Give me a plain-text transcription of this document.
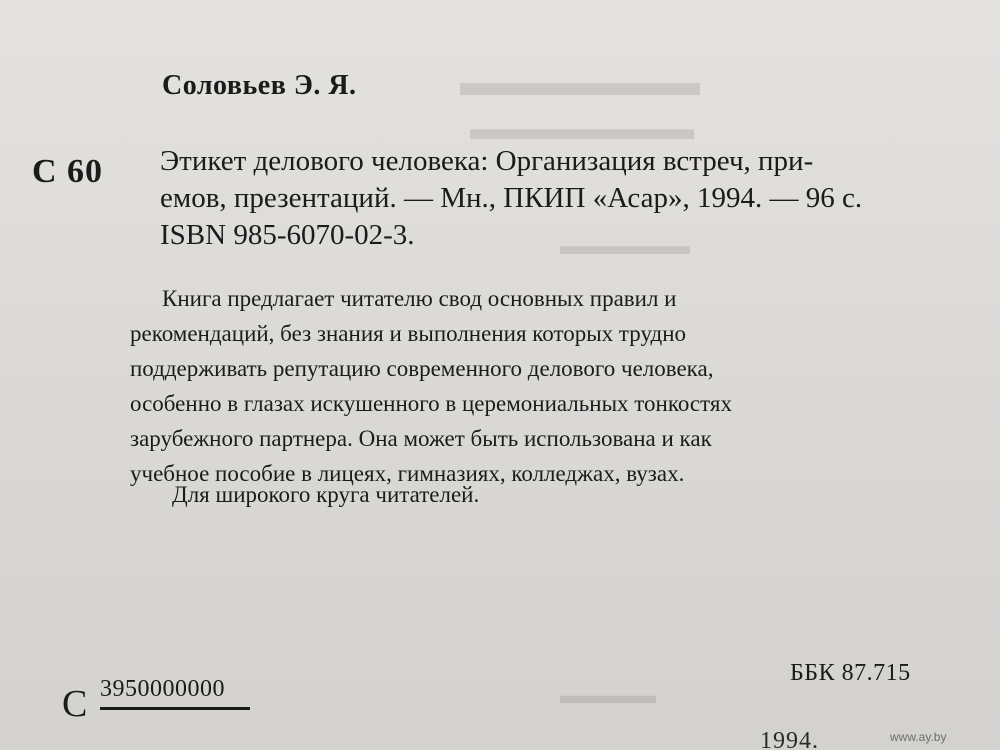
▬▬▬▬▬▬
▬▬▬▬▬▬▬
▬▬▬▬▬
▬▬▬▬
Соловьев Э. Я.
С 60 Этикет делового человека: Организация встреч, при-
емов, презентаций. — Мн., ПКИП «Асар», 1994. — 96 с.
ISBN 985-6070-02-3.
Книга предлагает читателю свод основных правил и
рекомендаций, без знания и выполнения которых трудно
поддерживать репутацию современного делового человека,
особенно в глазах искушенного в церемониальных тонкостях
зарубежного партнера. Она может быть использована и как
учебное пособие в лицеях, гимназиях, колледжах, вузах.
Для широкого круга читателей.
С 3950000000
ББК 87.715
1994.	www.ay.by
